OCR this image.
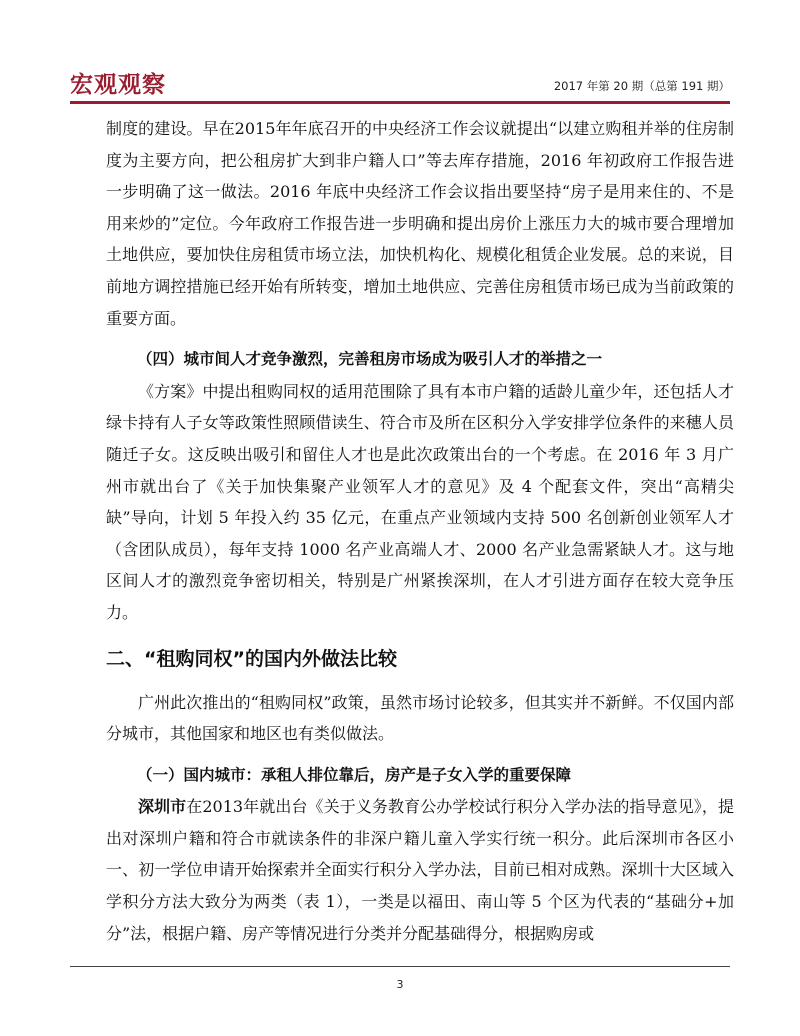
宏观观察	2017 年第 20 期（总第 191 期）

制度的建设。早在2015年年底召开的中央经济工作会议就提出“以建立购租并举的住房制度为主要方向，把公租房扩大到非户籍人口”等去库存措施，2016 年初政府工作报告进一步明确了这一做法。2016 年底中央经济工作会议指出要坚持“房子是用来住的、不是用来炒的”定位。今年政府工作报告进一步明确和提出房价上涨压力大的城市要合理增加土地供应，要加快住房租赁市场立法，加快机构化、规模化租赁企业发展。总的来说，目前地方调控措施已经开始有所转变，增加土地供应、完善住房租赁市场已成为当前政策的重要方面。

（四）城市间人才竞争激烈，完善租房市场成为吸引人才的举措之一

《方案》中提出租购同权的适用范围除了具有本市户籍的适龄儿童少年，还包括人才绿卡持有人子女等政策性照顾借读生、符合市及所在区积分入学安排学位条件的来穗人员随迁子女。这反映出吸引和留住人才也是此次政策出台的一个考虑。在 2016 年 3 月广州市就出台了《关于加快集聚产业领军人才的意见》及 4 个配套文件，突出“高精尖缺”导向，计划 5 年投入约 35 亿元，在重点产业领域内支持 500 名创新创业领军人才（含团队成员），每年支持 1000 名产业高端人才、2000 名产业急需紧缺人才。这与地区间人才的激烈竞争密切相关，特别是广州紧挨深圳，在人才引进方面存在较大竞争压力。

二、“租购同权”的国内外做法比较

广州此次推出的“租购同权”政策，虽然市场讨论较多，但其实并不新鲜。不仅国内部分城市，其他国家和地区也有类似做法。

（一）国内城市：承租人排位靠后，房产是子女入学的重要保障

深圳市在2013年就出台《关于义务教育公办学校试行积分入学办法的指导意见》，提出对深圳户籍和符合市就读条件的非深户籍儿童入学实行统一积分。此后深圳市各区小一、初一学位申请开始探索并全面实行积分入学办法，目前已相对成熟。深圳十大区域入学积分方法大致分为两类（表 1），一类是以福田、南山等 5 个区为代表的“基础分+加分”法，根据户籍、房产等情况进行分类并分配基础得分，根据购房或

3
